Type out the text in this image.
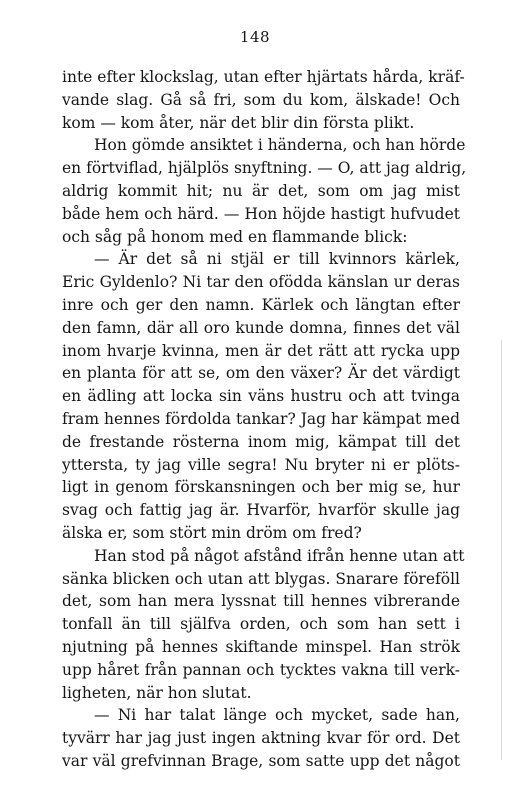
148
inte efter klockslag, utan efter hjärtats hårda, kräf-
vande slag. Gå så fri, som du kom, älskade! Och
kom — kom åter, när det blir din första plikt.
Hon gömde ansiktet i händerna, och han hörde
en förtviflad, hjälplös snyftning. — O, att jag aldrig,
aldrig kommit hit; nu är det, som om jag mist
både hem och härd. — Hon höjde hastigt hufvudet
och såg på honom med en flammande blick:
— Är det så ni stjäl er till kvinnors kärlek,
Eric Gyldenlo? Ni tar den ofödda känslan ur deras
inre och ger den namn. Kärlek och längtan efter
den famn, där all oro kunde domna, finnes det väl
inom hvarje kvinna, men är det rätt att rycka upp
en planta för att se, om den växer? Är det värdigt
en ädling att locka sin väns hustru och att tvinga
fram hennes fördolda tankar? Jag har kämpat med
de frestande rösterna inom mig, kämpat till det
yttersta, ty jag ville segra! Nu bryter ni er plöts-
ligt in genom förskansningen och ber mig se, hur
svag och fattig jag är. Hvarför, hvarför skulle jag
älska er, som stört min dröm om fred?
Han stod på något afstånd ifrån henne utan att
sänka blicken och utan att blygas. Snarare föreföll
det, som han mera lyssnat till hennes vibrerande
tonfall än till själfva orden, och som han sett i
njutning på hennes skiftande minspel. Han strök
upp håret från pannan och tycktes vakna till verk-
ligheten, när hon slutat.
— Ni har talat länge och mycket, sade han,
tyvärr har jag just ingen aktning kvar för ord. Det
var väl grefvinnan Brage, som satte upp det något
